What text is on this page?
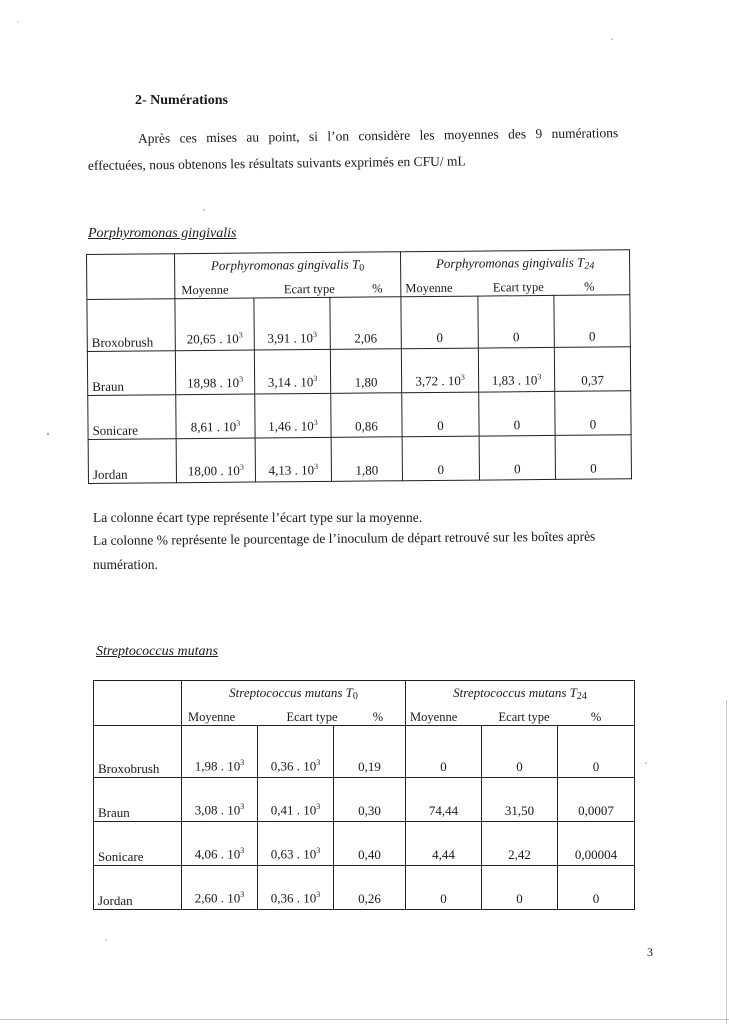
2- Numérations
Après ces mises au point, si l’on considère les moyennes des 9 numérations
effectuées, nous obtenons les résultats suivants exprimés en CFU/ mL
Porphyromonas gingivalis
	Porphyromonas gingivalis T0			Porphyromonas gingivalis T24		
	Moyenne Ecart type %			Moyenne Ecart type %		
Broxobrush	20,65 . $10^3$	3,91 . $10^3$	2,06	0	0	0
Braun	18,98 . $10^3$	3,14 . $10^3$	1,80	3,72 . $10^3$	1,83 . $10^3$	0,37
Sonicare	8,61 . $10^3$	1,46 . $10^3$	0,86	0	0	0
Jordan	18,00 . $10^3$	4,13 . $10^3$	1,80	0	0	0
La colonne écart type représente l’écart type sur la moyenne.
La colonne % représente le pourcentage de l’inoculum de départ retrouvé sur les boîtes après
numération.
Streptococcus mutans
	Streptococcus mutans T0			Streptococcus mutans T24		
	Moyenne Ecart type %			Moyenne Ecart type %		
Broxobrush	1,98 . $10^3$	0,36 . $10^3$	0,19	0	0	0
Braun	3,08 . $10^3$	0,41 . $10^3$	0,30	74,44	31,50	0,0007
Sonicare	4,06 . $10^3$	0,63 . $10^3$	0,40	4,44	2,42	0,00004
Jordan	2,60 . $10^3$	0,36 . $10^3$	0,26	0	0	0
3
